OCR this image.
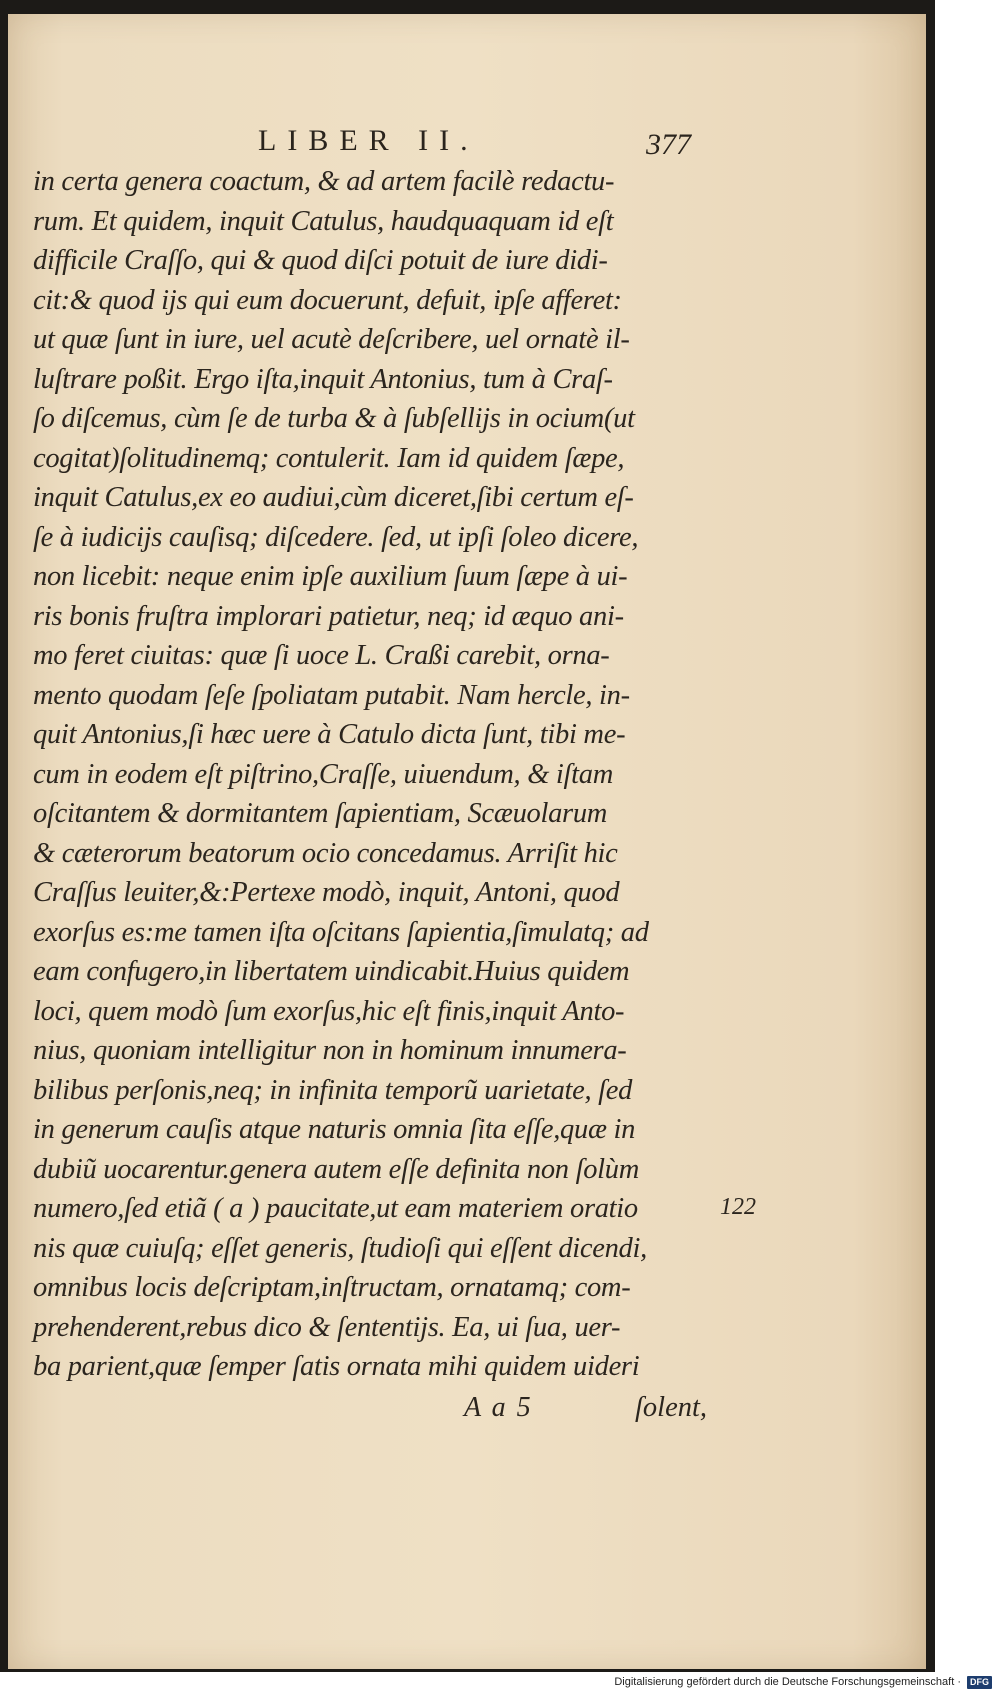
LIBER II.	377
in certa genera coactum, & ad artem facilè redactu-
rum. Et quidem, inquit Catulus, haudquaquam id eſt
difficile Craſſo, qui & quod diſci potuit de iure didi-
cit:& quod ijs qui eum docuerunt, defuit, ipſe afferet:
ut quæ ſunt in iure, uel acutè deſcribere, uel ornatè il-
luſtrare poßit. Ergo iſta,inquit Antonius, tum à Craſ-
ſo diſcemus, cùm ſe de turba & à ſubſellijs in ocium(ut
cogitat)ſolitudinemq; contulerit. Iam id quidem ſæpe,
inquit Catulus,ex eo audiui,cùm diceret,ſibi certum eſ-
ſe à iudicijs cauſisq; diſcedere. ſed, ut ipſi ſoleo dicere,
non licebit: neque enim ipſe auxilium ſuum ſæpe à ui-
ris bonis fruſtra implorari patietur, neq; id æquo ani-
mo feret ciuitas: quæ ſi uoce L. Craßi carebit, orna-
mento quodam ſeſe ſpoliatam putabit. Nam hercle, in-
quit Antonius,ſi hæc uere à Catulo dicta ſunt, tibi me-
cum in eodem eſt piſtrino,Craſſe, uiuendum, & iſtam
oſcitantem & dormitantem ſapientiam, Scæuolarum
& cæterorum beatorum ocio concedamus. Arriſit hic
Craſſus leuiter,&:Pertexe modò, inquit, Antoni, quod
exorſus es:me tamen iſta oſcitans ſapientia,ſimulatq; ad
eam confugero,in libertatem uindicabit.Huius quidem
loci, quem modò ſum exorſus,hic eſt finis,inquit Anto-
nius, quoniam intelligitur non in hominum innumera-
bilibus perſonis,neq; in infinita temporũ uarietate, ſed
in generum cauſis atque naturis omnia ſita eſſe,quæ in
dubiũ uocarentur.genera autem eſſe definita non ſolùm
numero,ſed etiã ( a ) paucitate,ut eam materiem oratio
nis quæ cuiuſq; eſſet generis, ſtudioſi qui eſſent dicendi,
omnibus locis deſcriptam,inſtructam, ornatamq; com-
prehenderent,rebus dico & ſententijs. Ea, ui ſua, uer-
ba parient,quæ ſemper ſatis ornata mihi quidem uideri
122
A a 5	ſolent,
Digitalisierung gefördert durch die Deutsche Forschungsgemeinschaft ·	DFG
